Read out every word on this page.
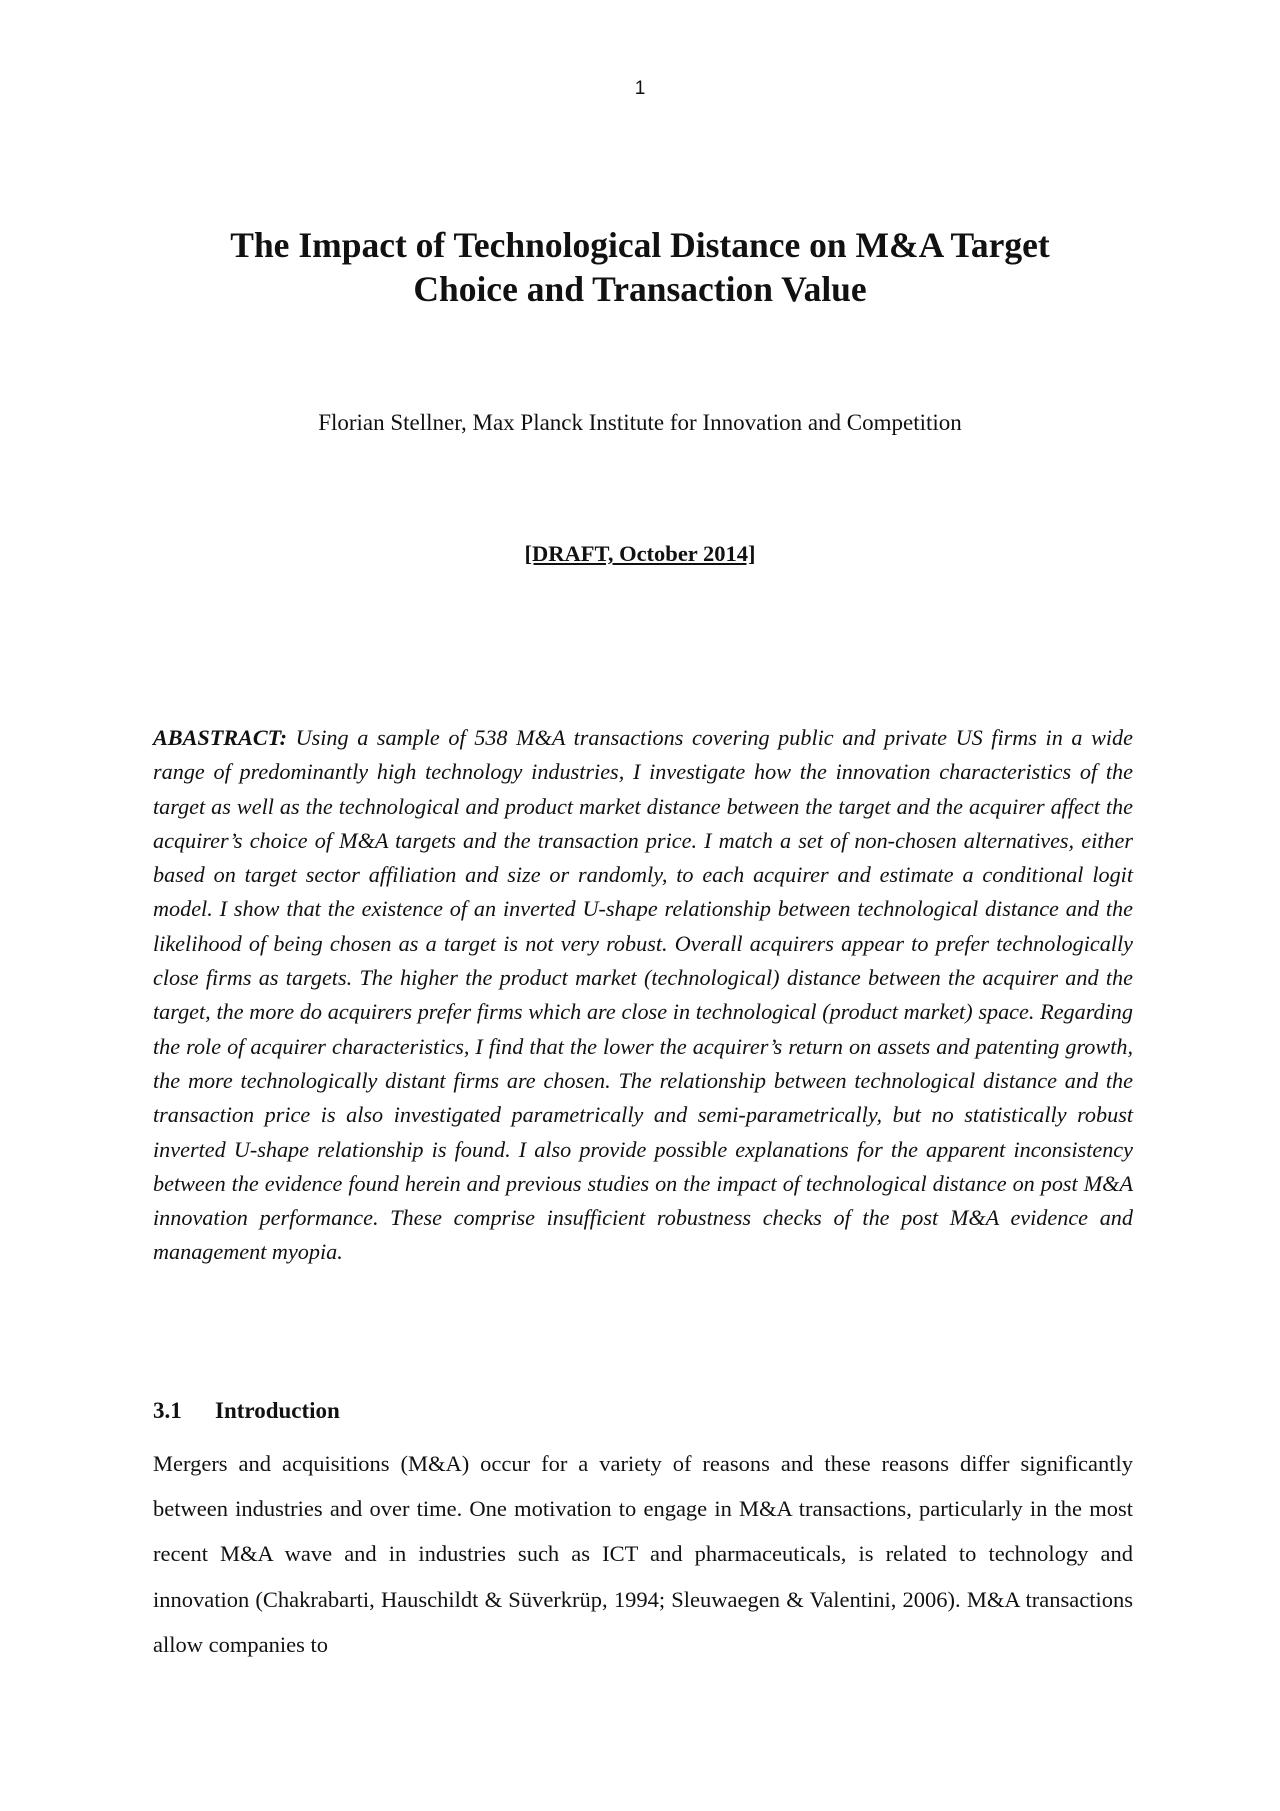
1
The Impact of Technological Distance on M&A Target
Choice and Transaction Value
Florian Stellner, Max Planck Institute for Innovation and Competition
[DRAFT, October 2014]

ABASTRACT: Using a sample of 538 M&A transactions covering public and private US firms in a wide range of predominantly high technology industries, I investigate how the innovation characteristics of the target as well as the technological and product market distance between the target and the acquirer affect the acquirer’s choice of M&A targets and the transaction price. I match a set of non-chosen alternatives, either based on target sector affiliation and size or randomly, to each acquirer and estimate a conditional logit model. I show that the existence of an inverted U-shape relationship between technological distance and the likelihood of being chosen as a target is not very robust. Overall acquirers appear to prefer technologically close firms as targets. The higher the product market (technological) distance between the acquirer and the target, the more do acquirers prefer firms which are close in technological (product market) space. Regarding the role of acquirer characteristics, I find that the lower the acquirer’s return on assets and patenting growth, the more technologically distant firms are chosen. The relationship between technological distance and the transaction price is also investigated parametrically and semi-parametrically, but no statistically robust inverted U-shape relationship is found. I also provide possible explanations for the apparent inconsistency between the evidence found herein and previous studies on the impact of technological distance on post M&A innovation performance. These comprise insufficient robustness checks of the post M&A evidence and management myopia.

3.1 Introduction

Mergers and acquisitions (M&A) occur for a variety of reasons and these reasons differ significantly between industries and over time. One motivation to engage in M&A transactions, particularly in the most recent M&A wave and in industries such as ICT and pharmaceuticals, is related to technology and innovation (Chakrabarti, Hauschildt & Süverkrüp, 1994; Sleuwaegen & Valentini, 2006). M&A transactions allow companies to
